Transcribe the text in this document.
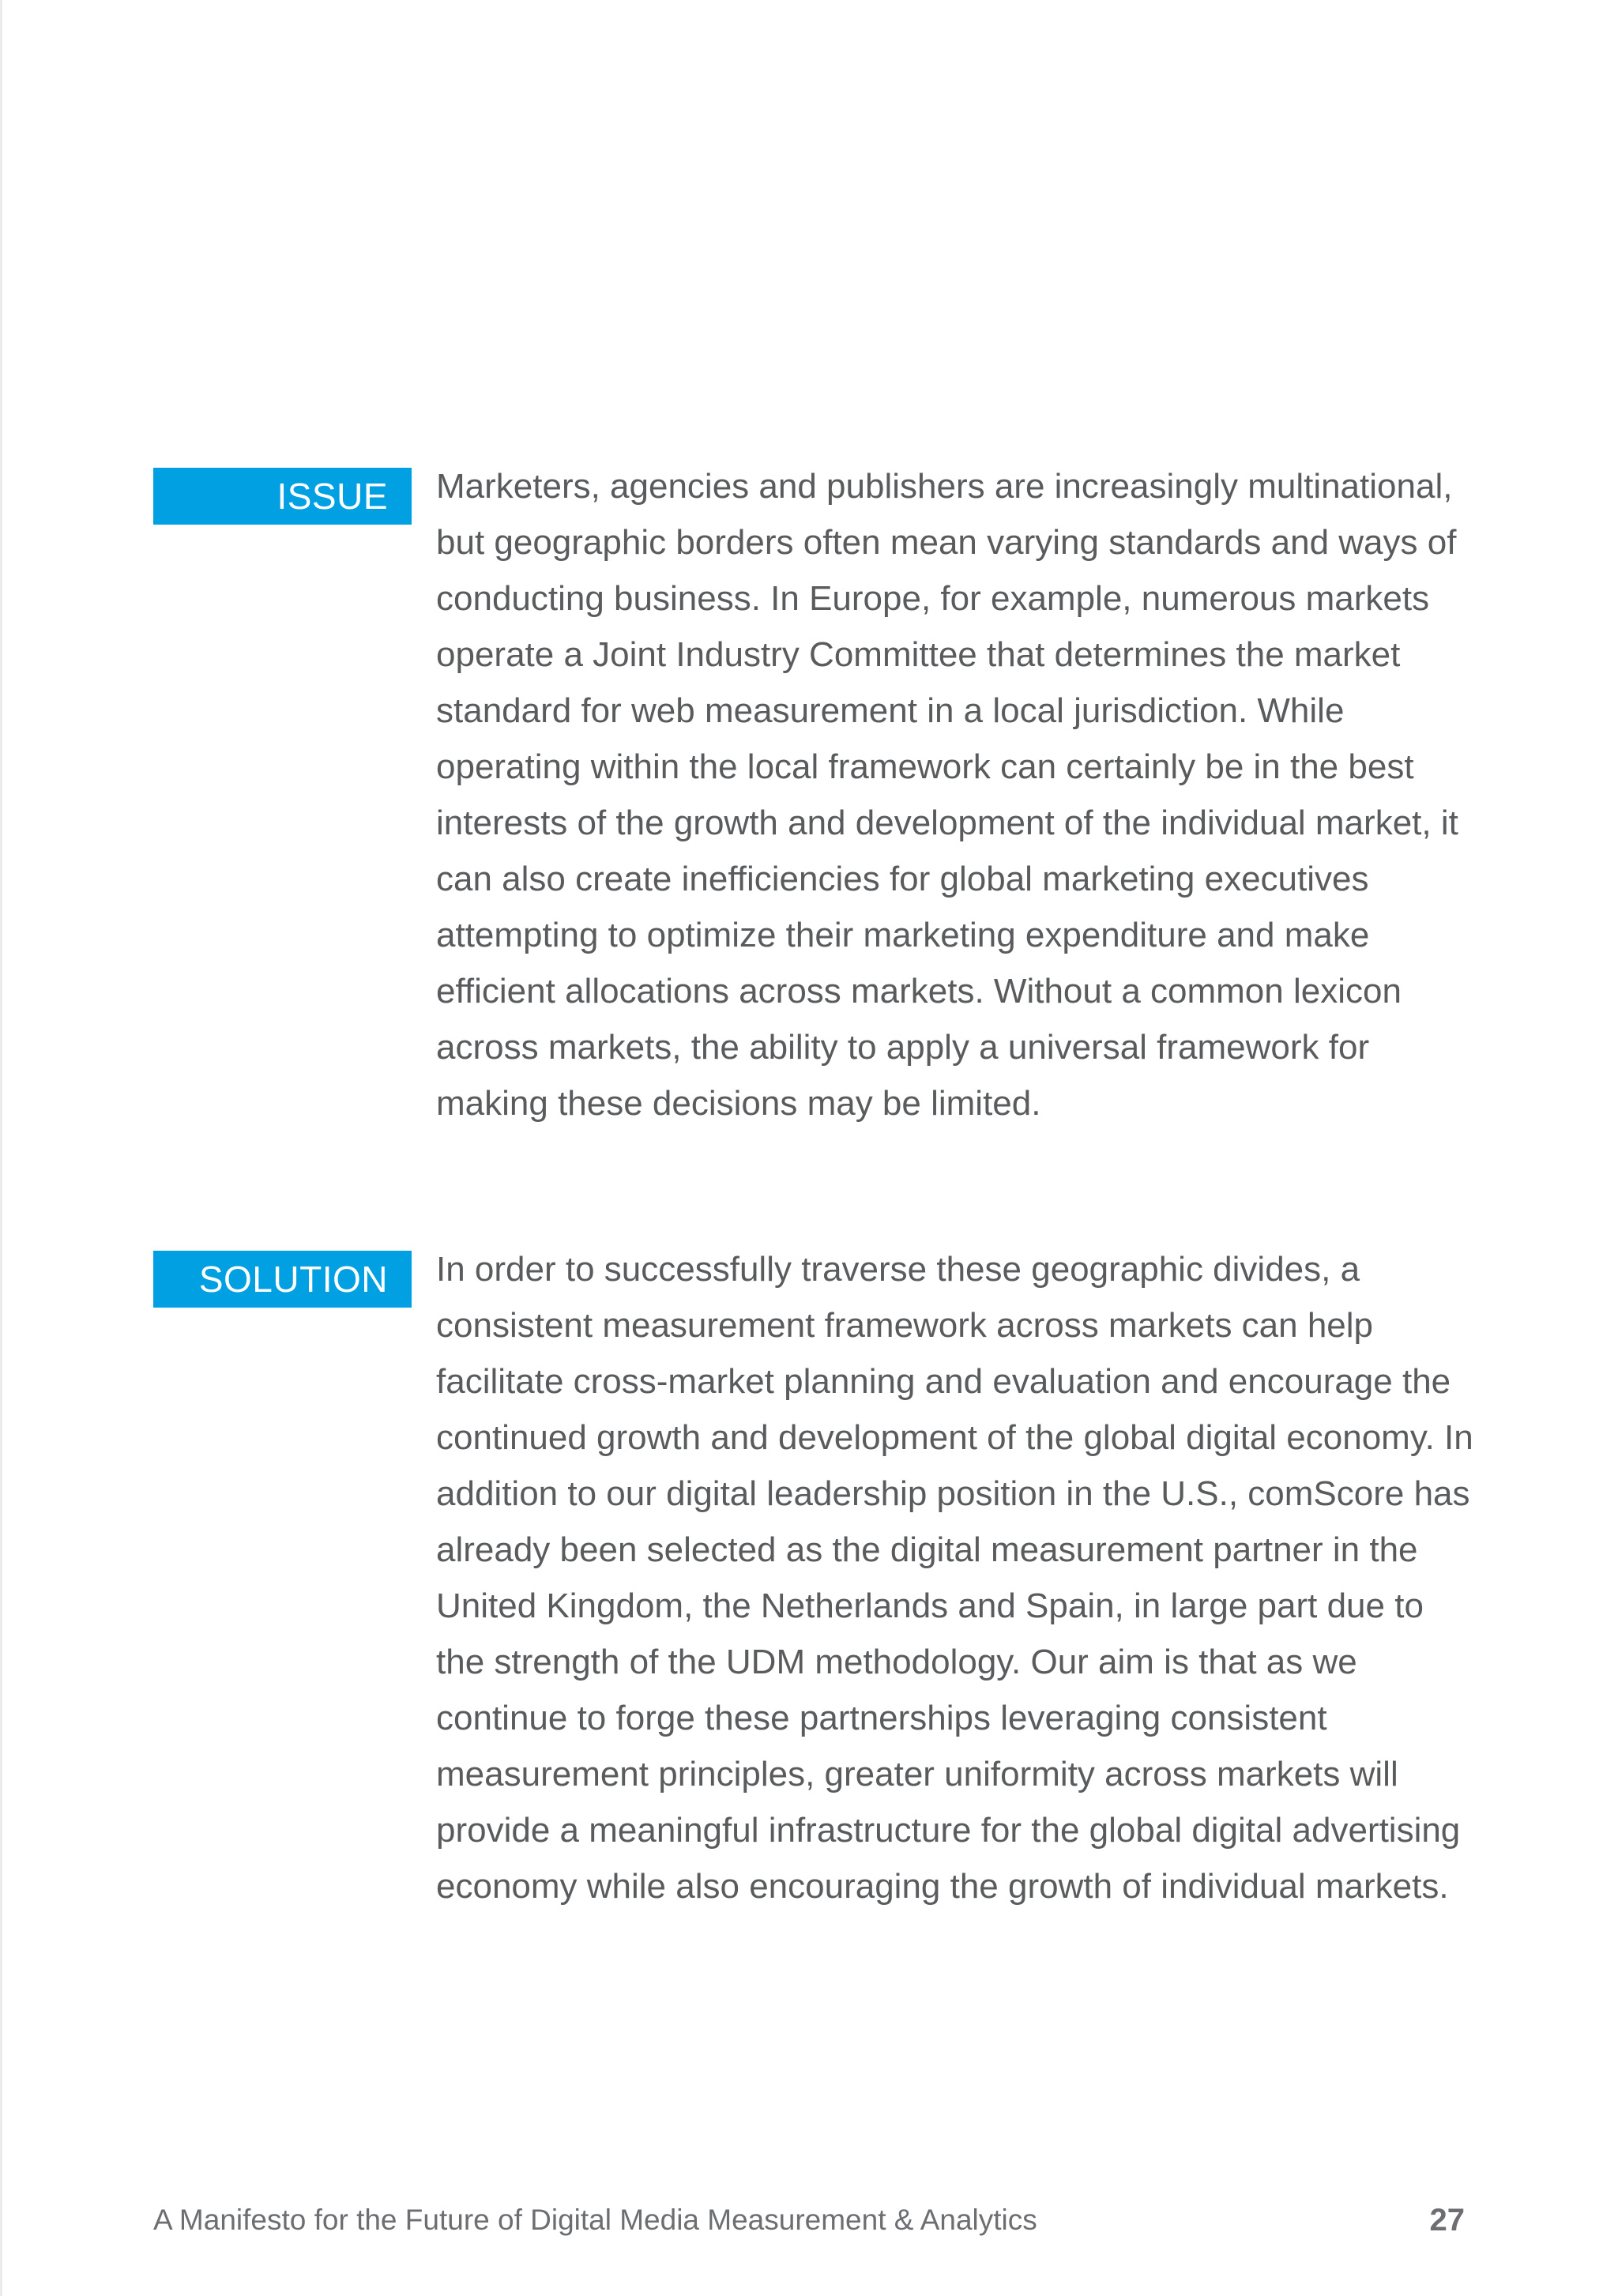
ISSUE	Marketers, agencies and publishers are increasingly multinational, but geographic borders often mean varying standards and ways of conducting business. In Europe, for example, numerous markets operate a Joint Industry Committee that determines the market standard for web measurement in a local jurisdiction. While operating within the local framework can certainly be in the best interests of the growth and development of the individual market, it can also create inefficiencies for global marketing executives attempting to optimize their marketing expenditure and make efficient allocations across markets. Without a common lexicon across markets, the ability to apply a universal framework for making these decisions may be limited.

SOLUTION	In order to successfully traverse these geographic divides, a consistent measurement framework across markets can help facilitate cross-market planning and evaluation and encourage the continued growth and development of the global digital economy. In addition to our digital leadership position in the U.S., comScore has already been selected as the digital measurement partner in the United Kingdom, the Netherlands and Spain, in large part due to the strength of the UDM methodology. Our aim is that as we continue to forge these partnerships leveraging consistent measurement principles, greater uniformity across markets will provide a meaningful infrastructure for the global digital advertising economy while also encouraging the growth of individual markets.

A Manifesto for the Future of Digital Media Measurement & Analytics	27
